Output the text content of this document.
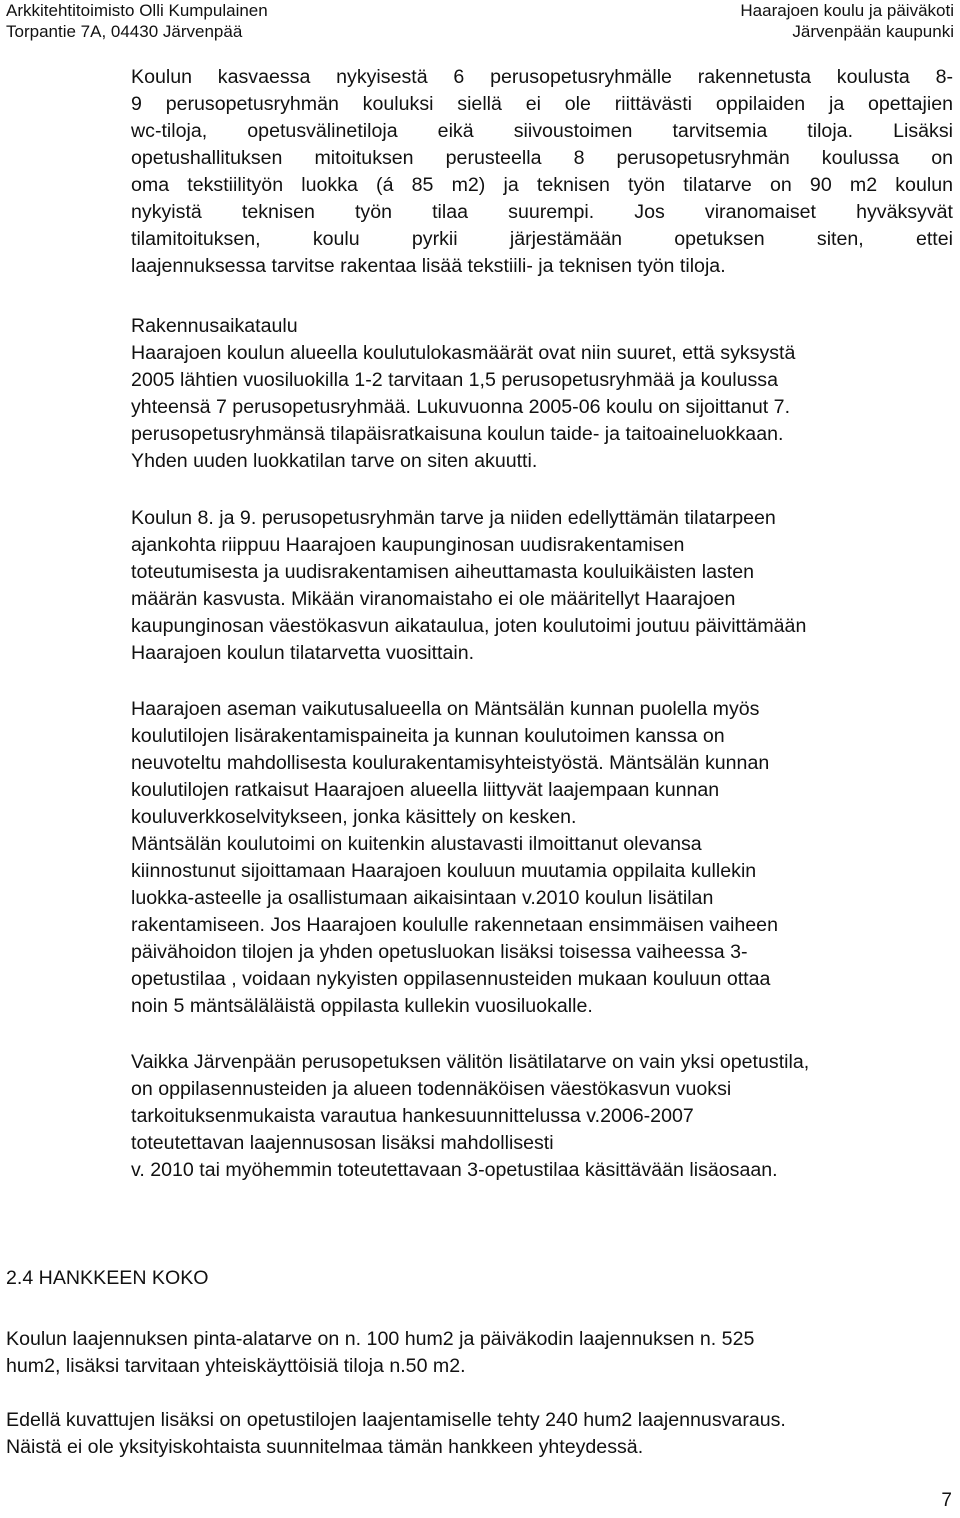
Arkkitehtitoimisto Olli Kumpulainen
Torpantie 7A, 04430 Järvenpää
Haarajoen koulu ja päiväkoti
Järvenpään kaupunki
Koulun kasvaessa nykyisestä 6 perusopetusryhmälle rakennetusta koulusta 8-
9 perusopetusryhmän kouluksi siellä ei ole riittävästi oppilaiden ja opettajien
wc-tiloja, opetusvälinetiloja eikä siivoustoimen tarvitsemia tiloja. Lisäksi
opetushallituksen mitoituksen perusteella 8 perusopetusryhmän koulussa on
oma tekstiilityön luokka (á 85 m2) ja teknisen työn tilatarve on 90 m2 koulun
nykyistä teknisen työn tilaa suurempi. Jos viranomaiset hyväksyvät
tilamitoituksen, koulu pyrkii järjestämään opetuksen siten, ettei
laajennuksessa tarvitse rakentaa lisää tekstiili- ja teknisen työn tiloja.
Rakennusaikataulu
Haarajoen koulun alueella koulutulokasmäärät ovat niin suuret, että syksystä
2005 lähtien vuosiluokilla 1-2 tarvitaan 1,5 perusopetusryhmää ja koulussa
yhteensä 7 perusopetusryhmää. Lukuvuonna 2005-06 koulu on sijoittanut 7.
perusopetusryhmänsä tilapäisratkaisuna koulun taide- ja taitoaineluokkaan.
Yhden uuden luokkatilan tarve on siten akuutti.
Koulun 8. ja 9. perusopetusryhmän tarve ja niiden edellyttämän tilatarpeen
ajankohta riippuu Haarajoen kaupunginosan uudisrakentamisen
toteutumisesta ja uudisrakentamisen aiheuttamasta kouluikäisten lasten
määrän kasvusta. Mikään viranomaistaho ei ole määritellyt Haarajoen
kaupunginosan väestökasvun aikataulua, joten koulutoimi joutuu päivittämään
Haarajoen koulun tilatarvetta vuosittain.
Haarajoen aseman vaikutusalueella on Mäntsälän kunnan puolella myös
koulutilojen lisärakentamispaineita ja kunnan koulutoimen kanssa on
neuvoteltu mahdollisesta koulurakentamisyhteistyöstä. Mäntsälän kunnan
koulutilojen ratkaisut Haarajoen alueella liittyvät laajempaan kunnan
kouluverkkoselvitykseen, jonka käsittely on kesken.
Mäntsälän koulutoimi on kuitenkin alustavasti ilmoittanut olevansa
kiinnostunut sijoittamaan Haarajoen kouluun muutamia oppilaita kullekin
luokka-asteelle ja osallistumaan aikaisintaan v.2010 koulun lisätilan
rakentamiseen. Jos Haarajoen koululle rakennetaan ensimmäisen vaiheen
päivähoidon tilojen ja yhden opetusluokan lisäksi toisessa vaiheessa 3-
opetustilaa , voidaan nykyisten oppilasennusteiden mukaan kouluun ottaa
noin 5 mäntsäläläistä oppilasta kullekin vuosiluokalle.
Vaikka Järvenpään perusopetuksen välitön lisätilatarve on vain yksi opetustila,
on oppilasennusteiden ja alueen todennäköisen väestökasvun vuoksi
tarkoituksenmukaista varautua hankesuunnittelussa v.2006-2007
toteutettavan laajennusosan lisäksi mahdollisesti
v. 2010 tai myöhemmin toteutettavaan 3-opetustilaa käsittävään lisäosaan.
2.4 HANKKEEN KOKO
Koulun laajennuksen pinta-alatarve on n. 100 hum2 ja päiväkodin laajennuksen n. 525
hum2, lisäksi tarvitaan yhteiskäyttöisiä tiloja n.50 m2.
Edellä kuvattujen lisäksi on opetustilojen laajentamiselle tehty 240 hum2 laajennusvaraus.
Näistä ei ole yksityiskohtaista suunnitelmaa tämän hankkeen yhteydessä.
7
